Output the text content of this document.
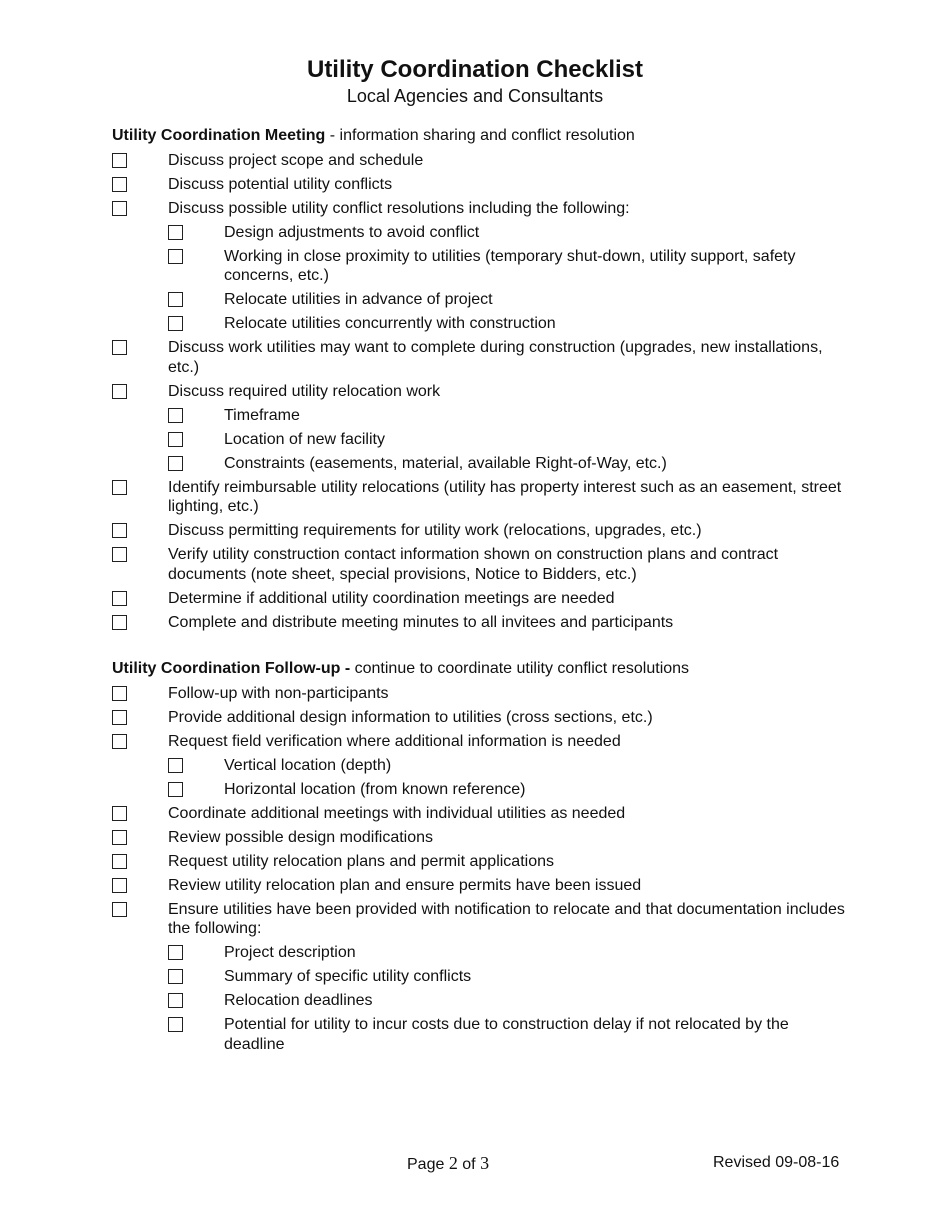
Utility Coordination Checklist
Local Agencies and Consultants
Utility Coordination Meeting - information sharing and conflict resolution
Discuss project scope and schedule
Discuss potential utility conflicts
Discuss possible utility conflict resolutions including the following:
Design adjustments to avoid conflict
Working in close proximity to utilities (temporary shut-down, utility support, safety concerns, etc.)
Relocate utilities in advance of project
Relocate utilities concurrently with construction
Discuss work utilities may want to complete during construction (upgrades, new installations, etc.)
Discuss required utility relocation work
Timeframe
Location of new facility
Constraints (easements, material, available Right-of-Way, etc.)
Identify reimbursable utility relocations (utility has property interest such as an easement, street lighting, etc.)
Discuss permitting requirements for utility work (relocations, upgrades, etc.)
Verify utility construction contact information shown on construction plans and contract documents (note sheet, special provisions, Notice to Bidders, etc.)
Determine if additional utility coordination meetings are needed
Complete and distribute meeting minutes to all invitees and participants
Utility Coordination Follow-up - continue to coordinate utility conflict resolutions
Follow-up with non-participants
Provide additional design information to utilities (cross sections, etc.)
Request field verification where additional information is needed
Vertical location (depth)
Horizontal location (from known reference)
Coordinate additional meetings with individual utilities as needed
Review possible design modifications
Request utility relocation plans and permit applications
Review utility relocation plan and ensure permits have been issued
Ensure utilities have been provided with notification to relocate and that documentation includes the following:
Project description
Summary of specific utility conflicts
Relocation deadlines
Potential for utility to incur costs due to construction delay if not relocated by the deadline
Page 2 of 3	Revised 09-08-16
